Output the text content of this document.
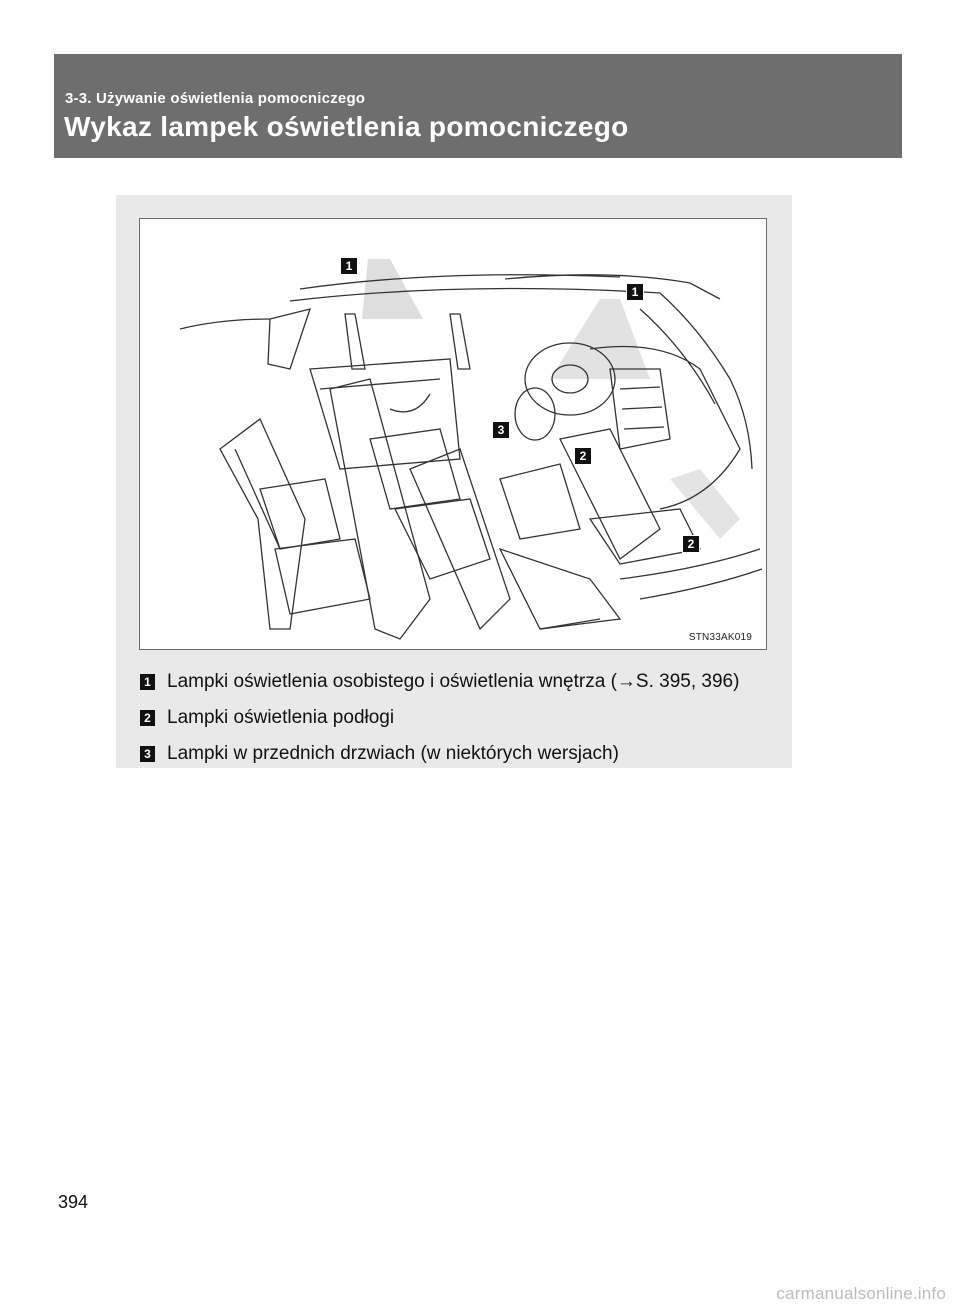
3-3. Używanie oświetlenia pomocniczego
Wykaz lampek oświetlenia pomocniczego
1
1
3
2
2
STN33AK019
1 Lampki oświetlenia osobistego i oświetlenia wnętrza (→S. 395, 396)
2 Lampki oświetlenia podłogi
3 Lampki w przednich drzwiach (w niektórych wersjach)
394
carmanualsonline.info
